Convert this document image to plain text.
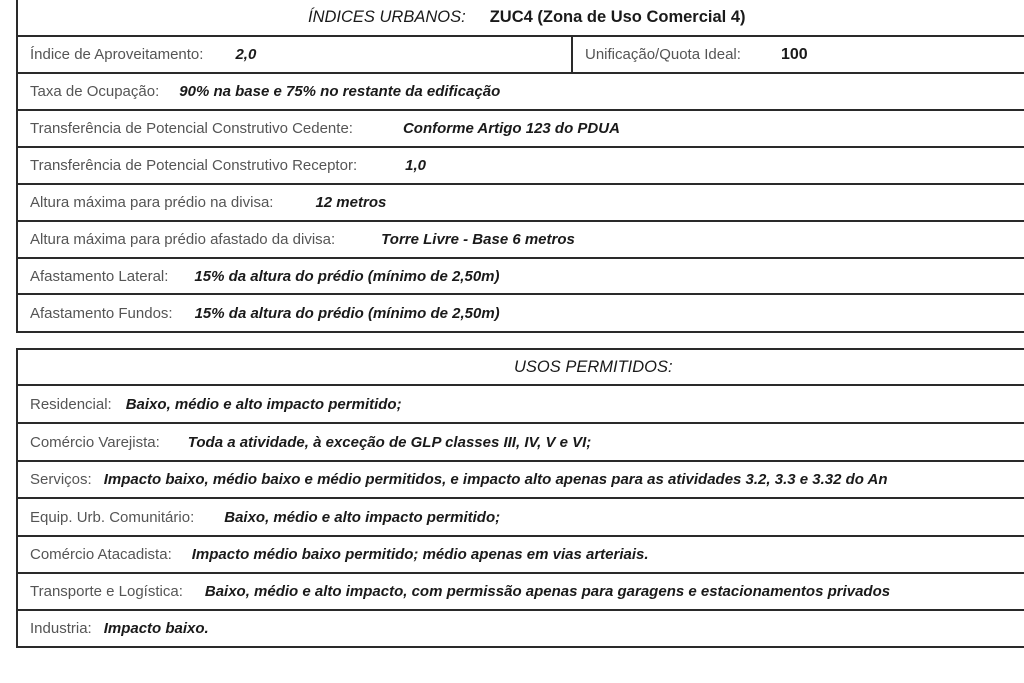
ÍNDICES URBANOS: ZUC4 (Zona de Uso Comercial 4)
Índice de Aproveitamento: 2,0	Unificação/Quota Ideal:	100
Taxa de Ocupação: 90% na base e 75% no restante da edificação
Transferência de Potencial Construtivo Cedente:	Conforme Artigo 123 do PDUA
Transferência de Potencial Construtivo Receptor:	1,0
Altura máxima para prédio na divisa:	12 metros
Altura máxima para prédio afastado da divisa:	Torre Livre - Base 6 metros
Afastamento Lateral: 15% da altura do prédio (mínimo de 2,50m)
Afastamento Fundos: 15% da altura do prédio (mínimo de 2,50m)
USOS PERMITIDOS:
Residencial: Baixo, médio e alto impacto permitido;
Comércio Varejista: Toda a atividade, à exceção de GLP classes III, IV, V e VI;
Serviços: Impacto baixo, médio baixo e médio permitidos, e impacto alto apenas para as atividades 3.2, 3.3 e 3.32 do An
Equip. Urb. Comunitário: Baixo, médio e alto impacto permitido;
Comércio Atacadista: Impacto médio baixo permitido; médio apenas em vias arteriais.
Transporte e Logística: Baixo, médio e alto impacto, com permissão apenas para garagens e estacionamentos privados
Industria: Impacto baixo.
